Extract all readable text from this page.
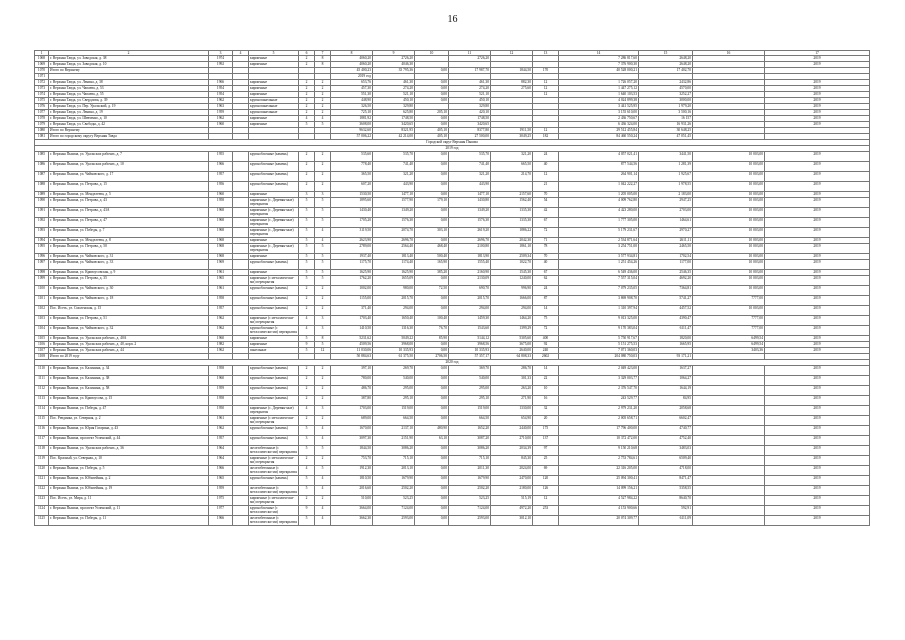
16
1	2	3	4	5	6	7	8	9	10	11	12	13	14	15	16	17
1068	г. Верхняя Тавда, ул. Заводская, д. 38	1974		кирпичные	2	8	4060,20	2726,20		2726,20			7 286 817,60	2648,20		2019
1069	г. Верхняя Тавда, ул. Заводская, д. 10	1992		кирпичные	2	8	4060,20	4046,30					7 376 900,30	2648,20		2019
1070	Итого по Верхнему						45 400,23	35 795,36	0,00	17 987,70	1844,50	170	40 528 000,21	17 402,70		
1071							2019 год									
1072	г. Верхняя Тавда, ул. Ленина, д. 38	1966		кирпичные	2	2	653,76	461,30	0,00	461,30	882,30	12	1 726 057,20	2432,86		2019
1073	г. Верхняя Тавда, ул. Чапаева, д. 53	1954		кирпичные	2	2	457,30	274,20	0,00	274,20	275,60	12	1 447 275,12	4570,00		2019
1074	г. Верхняя Тавда, ул. Чапаева, д. 55	1954		кирпичные	2	2	551,30	521,10	0,00	521,10		12	1 640 103,53	3252,27		2019
1075	г. Верхняя Тавда, ул. Свердлова, д. 39	1962		крупнопанельные	2	2	448,90	450,10	0,00	450,10			4 024 899,38	3000,00		2019
1076	г. Верхняя Тавда, ул. Пер. Уральский, д. 19	1963		крупнопанельные	2	2	326,50	329,80		329,80			3 441 525,95	1 979,20		2019
1077	г. Верхняя Тавда, ул. Ленина, д. 19	1959		крупнопанельные	2	2	725,10	625,80	205,10	420,10			3 155 610,00	3 500,16		2019
1078	г. Верхняя Тавда, ул. Шевченко, д. 10	1962		кирпичные	4	4	1881,92	1748,50	0,00	1748,50			2 436 750,67	16 157		2019
1079	г. Верхняя Тавда, ул. Свободы, д. 42	1960		кирпичные	5	5	3608,00	3420,65	0,00	3420,65			6 436 324,00	16 931,26		2019
1080	Итого по Верхнему						9632,60	8321,95	405,10	8377,80	1911,50	12	29 512 455,84	30 648,25		
1081	Итого по городскому округу Верхняя Тавда						57 006,22	42 214,00	405,10	27 500,00	3049,25	182	84 460 550,24	47 051,45		
Городской округ Верхняя Пышма																
2019 год																
1085	г. Верхняя Пышма, ул. Уральских рабочих, д. 7	1955		крупноблочные (камень)	2	2	535,60	535,70	0,00	535,70	321,20	24	4 057 021,41	3441,50	10 003,00	2019
1086	г. Верхняя Пышма, ул. Уральских рабочих, д. 10	1966		крупноблочные (камень)	2	2	778,40	741,40	0,00	741,40	665,50	40	877 544,56	1 281,39	10 003,00	2019
1087	г. Верхняя Пышма, ул. Чайковского, д. 17	1957		крупноблочные (камень)	2	2	365,50	321,20	0,00	321,20	214,70	12	264 901,14	1 925,67	10 003,00	2019
1088	г. Верхняя Пышма, ул. Петрова, д. 15	1956		крупноблочные (камень)	2	2	607,20	443,90	0,00	443,90		21	1 042 222,27	1 978,55	10 003,00	2019
1089	г. Верхняя Пышма, ул. Менделеева, д. 5	1960		кирпичные	3	3	1530,50	1477,10	0,00	1477,10	2157,60	70	1 205 005,00	2 183,00	10 003,00	2019
1090	г. Верхняя Пышма, ул. Петрова, д. 43	1958		кирпичные (с. Деревян-ные) перекрытия	5	5	1895,60	1577,90	179,10	1430,80	1562,40	54	4 009 762,80	2947,25	10 003,00	2019
1091	г. Верхняя Пышма, ул. Петрова, д. 43А	1968		кирпичные (с. Деревян-ные) перекрытия	5	5	1430,40	1349,20	0,00	1349,20	1335,30	42	4 423 280,00	2703,00	10 003,00	2019
1092	г. Верхняя Пышма, ул. Петрова, д. 47	1968		кирпичные (с. Деревян-ные) перекрытия	5	5	1705,20	1576,30	0,00	1576,30	1335,30	67	1 777 305,00	1464,61	10 003,00	2019
1093	г. Верхняя Пышма, ул. Победы, д. 7	1968		кирпичные (с. Деревян-ные) перекрытия	5	4	3119,50	2074,70	303,10	2619,20	1886,22	72	5 179 231,67	2970,27	10 003,00	2019
1094	г. Верхняя Пышма, ул. Менделеева, д. 8	1968		кирпичные	5	4	2623,90	2696,70	0,00	2696,70	2042,30	71	2 534 871,64	2611,11	10 003,00	2019
1095	г. Верхняя Пышма, ул. Петрова, д. 50	1968		кирпичные (с. Деревян-ные) перекрытия	5	5	2789,00	2564,40	468,40	2100,80	1861,10	78	3 254 751,00	2465,50	10 003,00	2019
1096	г. Верхняя Пышма, ул. Чайковского, д. 31	1968		кирпичные	5	5	1937,40	1813,40	500,40	1813,90	2509,34	70	3 577 934,81	1702,54	10 003,00	2019
1097	г. Верхняя Пышма, ул. Чайковского, д. 33	1969		крупноблочные (камень)	5	5	1175,70	1174,40	165,90	1555,40	1022,70	40	1 251 454,26	1177,00	10 003,00	2019
1098	г. Верхняя Пышма, ул. Кривоусовская, д. 9	1961		кирпичные	5	5	1625,90	1625,90	385,20	2160,90	1545,30	67	6 549 436,00	2546,35	10 003,00	2019
1099	г. Верхняя Пышма, ул. Петрова, д. 35	1965		кирпичные (с металлически-ми) перекрытия	5	5	1762,20	1655,09	0,00	2130,09	1240,00	62	7 557 315,04	4692,20	10 003,00	2019
1100	г. Верхняя Пышма, ул. Чайковского, д. 30	1961		крупноблочные (камень)	2	2	1002,00	980,00	72,50	690,70	996,90	24	7 079 235,05	7364,81	10 003,00	2019
1101	г. Верхняя Пышма, ул. Чайковского, д. 18	1958		крупноблочные (камень)	2	2	1155,00	2015,70	0,00	2015,70	1666,00	87	3 869 908,70	5741,27	7777,00	2019
1102	Пос. Исеть, ул. Смоленская, д. 15	1957		крупноблочные (камень)	2	2	371,40	294,00	0,00	294,00	294,00	14	1 310 397,94	4457,52	10 003,00	2019
1103	г. Верхняя Пышма, ул. Петрова, д. 51	1962		кирпичные (с металлически-ми) перекрытия	4	3	1703,40	1650,40	100,40	1459,30	1464,20	75	9 013 325,00	4390,47	7777,00	2019
1104	г. Верхняя Пышма, ул. Чайковского, д. 32	1962		крупноблочные (с металлически-ми) перекрытия	4	3	1410,50	1316,30	76,70	1543,60	1399,29	72	9 170 383,04	6111,47	7777,00	2019
1105	г. Верхняя Пышма, ул. Уральских рабочих, д. 40А	1960		кирпичные	5	8	5231,62	5049,22	85,90	5144,12	5305,60	400	5 750 917,67	1820,00	6499,54	2019
1106	г. Верхняя Пышма, ул. Уральских рабочих, д. 40, корп. 2	1982		кирпичные	9	5	4509,56	3968,00	0,00	3968,56	3675,00	92	5 151 275,53	1665,95	6499,54	2019
1107	г. Верхняя Пышма, ул. Уральских рабочих, д. 44	1962		панельные	5	12	11 030,06	10 335,93	0,00	10 335,93	2640,00	240	7 071 360,03		3403,36	2019
1108	Итого по 2019 году						50 884,63	61 375,50	2706,50	57 357,17	64 808,33	2602	204 080 750,03	93 171,21		
2020 год																
1110	г. Верхняя Пышма, ул. Калинина, д. 34	1958		крупноблочные (камень)	2	2	397,10	269,70	0,00	369,70	286,70	14	2 049 423,00	1637,27		2019
1111	г. Верхняя Пышма, ул. Калинина, д. 38	1960		крупноблочные (камень)	2	2	780,00	540,00	0,00	540,00	301,33	22	3 329 003,77	1064,27		2019
1112	г. Верхняя Пышма, ул. Калинина, д. 58	1959		крупноблочные (камень)	2	2	486,70	295,00	0,00	295,00	263,20	10	2 376 547,70	1644,19		2019
1113	г. Верхняя Пышма, ул. Кривоусова, д. 15	1958		крупноблочные (камень)	2	2	387,80	295,10	0,00	295,10	271,90	16	243 529,77	84,95		2019
1114	г. Верхняя Пышма, ул. Победы, д. 47	1950		кирпичные (с. Деревян-ные) перекрытия	4	3	1703,00	1519,00	0,00	1519,00	1330,00	32	2 979 231,20	2058,68		2019
1115	Пос. Ревдинка, ул. Северная, д. 2	1961		кирпичные (с металлически-ми) перекрытия	2	2	689,00	664,50	0,00	664,50	654,90	20	2 005 658,71	6602,47		2019
1116	г. Верхняя Пышма, ул. Юрия Гагарина, д. 43	1962		крупноблочные (камень)	5	4	1670,00	2137,10	480,90	1652,20	2440,00	175	17 796 400,00	4740,77		2019
1117	г. Верхняя Пышма, проспект Успенский, д. 44	1957		крупноблочные (камень)	3	4	3097,30	2151,90	63,10	3087,20	2710,00	137	10 372 472,00	4752,40		2019
1118	г. Верхняя Пышма, ул. Уральских рабочих, д. 36	1964		железобетонные (с металлически-ми) перекрытия	5	5	1844,50	3086,20	0,00	3086,20	2034,39	97	9 150 210,68	3483,03		2019
1119	Пос. Красный, ул. Северная, д. 10	1964		кирпичные (с металлически-ми) перекрытия	2	2	753,70	715,10	0,00	715,10	845,30	25	2 753 784,61	6509,40		2019
1120	г. Верхняя Пышма, ул. Победы, д. 5	1966		железобетонные (с металлически-ми) перекрытия	4	5	1912,30	2013,10	0,00	2011,30	2024,00	69	22 316 205,00	4718,00		2019
1121	г. Верхняя Пышма, ул. Юбилейная, д. 2	1965		крупноблочные (камень)	5	4	1810,50	1679,90	0,00	1679,90	2470,00	120	25 094 300,41	8471,47		2019
1122	г. Верхняя Пышма, ул. Юбилейная, д. 19	1959		железобетонные (с металлически-ми) перекрытия	5	4	2016,60	2502,20	0,00	2502,20	2180,00	126	14 099 156,21	5358,55		2019
1123	Пос. Исеть, ул. Мира, д. 11	1975		кирпичные (с металлически-ми) перекрытия	2	2	510,00	523,25	0,00	523,25	515,19	12	4 527 984,22	8640,70		2019
1124	г. Верхняя Пышма, проспект Успенский, д. 11	1977		крупноблочные (с металлически-ми)	9	4	3664,00	7124,00	0,00	7124,00	4972,20	253	4 153 900,66	592,91		2019
1125	г. Верхняя Пышма, ул. Победы, д. 11	1966		железобетонные (с металлически-ми) перекрытия	5	4	3662,30	2593,00	0,00	2593,00	3012,10		20 074 309,77	6111,09		2019
